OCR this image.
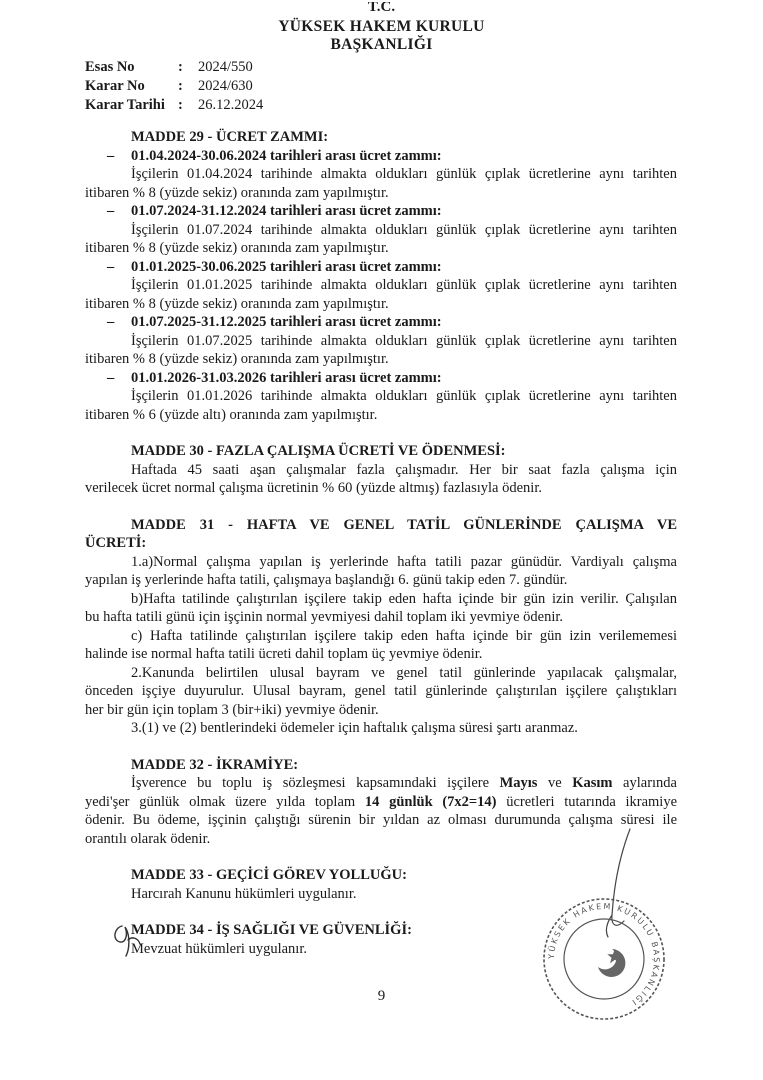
T.C.
YÜKSEK HAKEM KURULU
BAŞKANLIĞI
Esas No	: 2024/550
Karar No : 2024/630
Karar Tarihi : 26.12.2024
MADDE 29 - ÜCRET ZAMMI:
– 01.04.2024-30.06.2024 tarihleri arası ücret zammı:
İşçilerin 01.04.2024 tarihinde almakta oldukları günlük çıplak ücretlerine aynı tarihten
itibaren % 8 (yüzde sekiz) oranında zam yapılmıştır.
– 01.07.2024-31.12.2024 tarihleri arası ücret zammı:
İşçilerin 01.07.2024 tarihinde almakta oldukları günlük çıplak ücretlerine aynı tarihten
itibaren % 8 (yüzde sekiz) oranında zam yapılmıştır.
– 01.01.2025-30.06.2025 tarihleri arası ücret zammı:
İşçilerin 01.01.2025 tarihinde almakta oldukları günlük çıplak ücretlerine aynı tarihten
itibaren % 8 (yüzde sekiz) oranında zam yapılmıştır.
– 01.07.2025-31.12.2025 tarihleri arası ücret zammı:
İşçilerin 01.07.2025 tarihinde almakta oldukları günlük çıplak ücretlerine aynı tarihten
itibaren % 8 (yüzde sekiz) oranında zam yapılmıştır.
– 01.01.2026-31.03.2026 tarihleri arası ücret zammı:
İşçilerin 01.01.2026 tarihinde almakta oldukları günlük çıplak ücretlerine aynı tarihten
itibaren % 6 (yüzde altı) oranında zam yapılmıştır.
MADDE 30 - FAZLA ÇALIŞMA ÜCRETİ VE ÖDENMESİ:
Haftada 45 saati aşan çalışmalar fazla çalışmadır. Her bir saat fazla çalışma için
verilecek ücret normal çalışma ücretinin % 60 (yüzde altmış) fazlasıyla ödenir.
MADDE 31 - HAFTA VE GENEL TATİL GÜNLERİNDE ÇALIŞMA VE
ÜCRETİ:
1.a)Normal çalışma yapılan iş yerlerinde hafta tatili pazar günüdür. Vardiyalı çalışma
yapılan iş yerlerinde hafta tatili, çalışmaya başlandığı 6. günü takip eden 7. gündür.
b)Hafta tatilinde çalıştırılan işçilere takip eden hafta içinde bir gün izin verilir. Çalışılan
bu hafta tatili günü için işçinin normal yevmiyesi dahil toplam iki yevmiye ödenir.
c) Hafta tatilinde çalıştırılan işçilere takip eden hafta içinde bir gün izin verilememesi
halinde ise normal hafta tatili ücreti dahil toplam üç yevmiye ödenir.
2.Kanunda belirtilen ulusal bayram ve genel tatil günlerinde yapılacak çalışmalar,
önceden işçiye duyurulur. Ulusal bayram, genel tatil günlerinde çalıştırılan işçilere çalıştıkları
her bir gün için toplam 3 (bir+iki) yevmiye ödenir.
3.(1) ve (2) bentlerindeki ödemeler için haftalık çalışma süresi şartı aranmaz.
MADDE 32 - İKRAMİYE:
İşverence bu toplu iş sözleşmesi kapsamındaki işçilere Mayıs ve Kasım aylarında
yedi'şer günlük olmak üzere yılda toplam 14 günlük (7x2=14) ücretleri tutarında ikramiye
ödenir. Bu ödeme, işçinin çalıştığı sürenin bir yıldan az olması durumunda çalışma süresi ile
orantılı olarak ödenir.
MADDE 33 - GEÇİCİ GÖREV YOLLUĞU:
Harcırah Kanunu hükümleri uygulanır.
MADDE 34 - İŞ SAĞLIĞI VE GÜVENLİĞİ:
Mevzuat hükümleri uygulanır.	YÜKSEK HAKEM KURULU BAŞKANLIĞI
9
